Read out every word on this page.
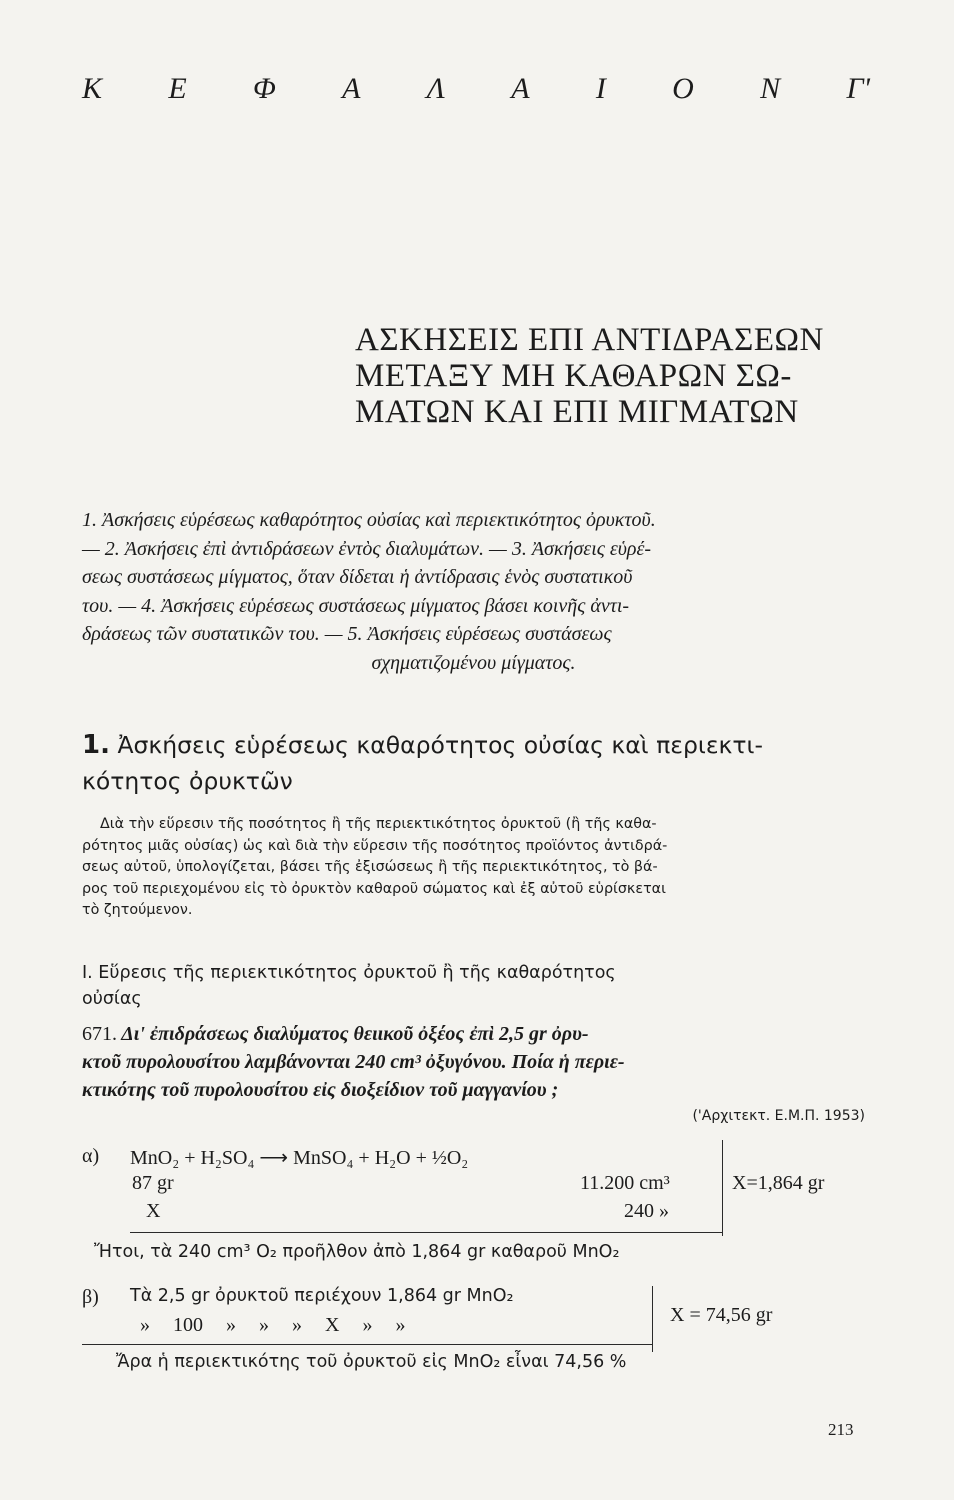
Κ Ε Φ Α Λ Α Ι Ο Ν Γ'
ΑΣΚΗΣΕΙΣ ΕΠΙ ΑΝΤΙΔΡΑΣΕΩΝ
ΜΕΤΑΞΥ ΜΗ ΚΑΘΑΡΩΝ ΣΩ-
ΜΑΤΩΝ ΚΑΙ ΕΠΙ ΜΙΓΜΑΤΩΝ
1. Ἀσκήσεις εὑρέσεως καθαρότητος οὐσίας καὶ περιεκτικότητος ὀρυκτοῦ.
— 2. Ἀσκήσεις ἐπὶ ἀντιδράσεων ἐντὸς διαλυμάτων. — 3. Ἀσκήσεις εὑρέ-
σεως συστάσεως μίγματος, ὅταν δίδεται ἡ ἀντίδρασις ἑνὸς συστατικοῦ
του. — 4. Ἀσκήσεις εὑρέσεως συστάσεως μίγματος βάσει κοινῆς ἀντι-
δράσεως τῶν συστατικῶν του. — 5. Ἀσκήσεις εὑρέσεως συστάσεως
σχηματιζομένου μίγματος.
1. Ἀσκήσεις εὑρέσεως καθαρότητος οὐσίας καὶ περιεκτι-
κότητος ὀρυκτῶν
Διὰ τὴν εὕρεσιν τῆς ποσότητος ἢ τῆς περιεκτικότητος ὀρυκτοῦ (ἢ τῆς καθα-
ρότητος μιᾶς οὐσίας) ὡς καὶ διὰ τὴν εὕρεσιν τῆς ποσότητος προϊόντος ἀντιδρά-
σεως αὐτοῦ, ὑπολογίζεται, βάσει τῆς ἐξισώσεως ἢ τῆς περιεκτικότητος, τὸ βά-
ρος τοῦ περιεχομένου εἰς τὸ ὀρυκτὸν καθαροῦ σώματος καὶ ἐξ αὐτοῦ εὑρίσκεται
τὸ ζητούμενον.
I. Εὕρεσις τῆς περιεκτικότητος ὀρυκτοῦ ἢ τῆς καθαρότητος
οὐσίας
671. Δι' ἐπιδράσεως διαλύματος θειικοῦ ὀξέος ἐπὶ 2,5 gr ὀρυ-
κτοῦ πυρολουσίτου λαμβάνονται 240 cm³ ὀξυγόνου. Ποία ἡ περιε-
κτικότης τοῦ πυρολουσίτου εἰς διοξείδιον τοῦ μαγγανίου ;
('Αρχιτεκτ. Ε.Μ.Π. 1953)
α) MnO₂ + H₂SO₄ ⟶ MnSO₄ + H₂O + ½O₂
87 gr	11.200 cm³
X	240 »
X=1,864 gr
Ἤτοι, τὰ 240 cm³ O₂ προῆλθον ἀπὸ 1,864 gr καθαροῦ MnO₂
β) Τὰ 2,5 gr ὀρυκτοῦ περιέχουν 1,864 gr MnO₂
» 100 » » » X » »	X = 74,56 gr
Ἄρα ἡ περιεκτικότης τοῦ ὀρυκτοῦ εἰς MnO₂ εἶναι 74,56 %
213
